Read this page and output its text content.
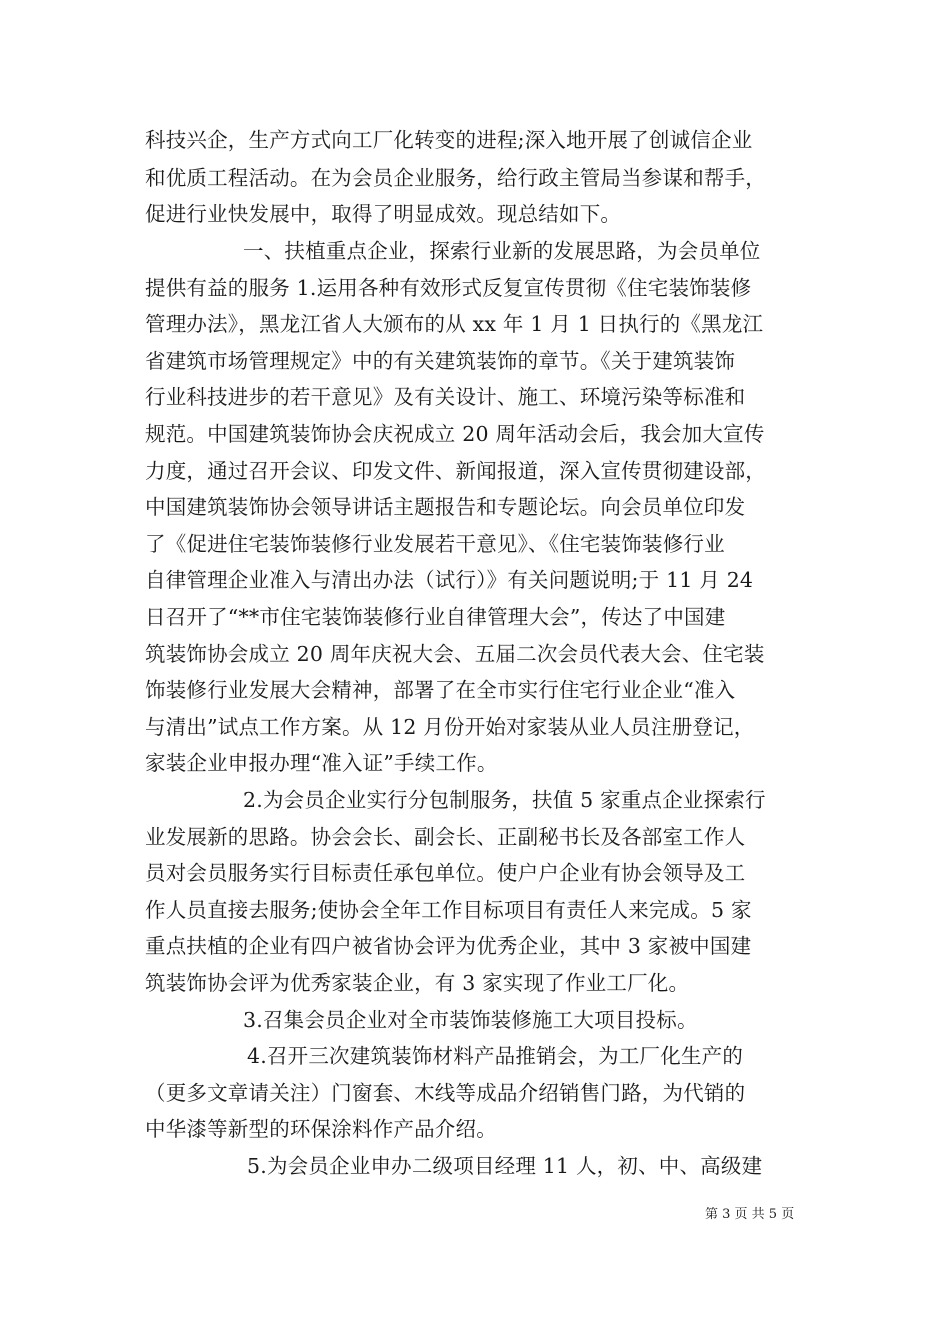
科技兴企，生产方式向工厂化转变的进程;深入地开展了创诚信企业
和优质工程活动。在为会员企业服务，给行政主管局当参谋和帮手，
促进行业快发展中，取得了明显成效。现总结如下。
一、扶植重点企业，探索行业新的发展思路，为会员单位
提供有益的服务 1.运用各种有效形式反复宣传贯彻《住宅装饰装修
管理办法》，黑龙江省人大颁布的从 xx 年 1 月 1 日执行的《黑龙江
省建筑市场管理规定》中的有关建筑装饰的章节。《关于建筑装饰
行业科技进步的若干意见》及有关设计、施工、环境污染等标准和
规范。中国建筑装饰协会庆祝成立 20 周年活动会后，我会加大宣传
力度，通过召开会议、印发文件、新闻报道，深入宣传贯彻建设部，
中国建筑装饰协会领导讲话主题报告和专题论坛。向会员单位印发
了《促进住宅装饰装修行业发展若干意见》、《住宅装饰装修行业
自律管理企业准入与清出办法（试行）》有关问题说明;于 11 月 24
日召开了“**市住宅装饰装修行业自律管理大会”，传达了中国建
筑装饰协会成立 20 周年庆祝大会、五届二次会员代表大会、住宅装
饰装修行业发展大会精神，部署了在全市实行住宅行业企业“准入
与清出”试点工作方案。从 12 月份开始对家装从业人员注册登记，
家装企业申报办理“准入证”手续工作。
2.为会员企业实行分包制服务，扶值 5 家重点企业探索行
业发展新的思路。协会会长、副会长、正副秘书长及各部室工作人
员对会员服务实行目标责任承包单位。使户户企业有协会领导及工
作人员直接去服务;使协会全年工作目标项目有责任人来完成。5 家
重点扶植的企业有四户被省协会评为优秀企业，其中 3 家被中国建
筑装饰协会评为优秀家装企业，有 3 家实现了作业工厂化。
3.召集会员企业对全市装饰装修施工大项目投标。
4.召开三次建筑装饰材料产品推销会，为工厂化生产的
（更多文章请关注）门窗套、木线等成品介绍销售门路，为代销的
中华漆等新型的环保涂料作产品介绍。
5.为会员企业申办二级项目经理 11 人，初、中、高级建
第 3 页 共 5 页
